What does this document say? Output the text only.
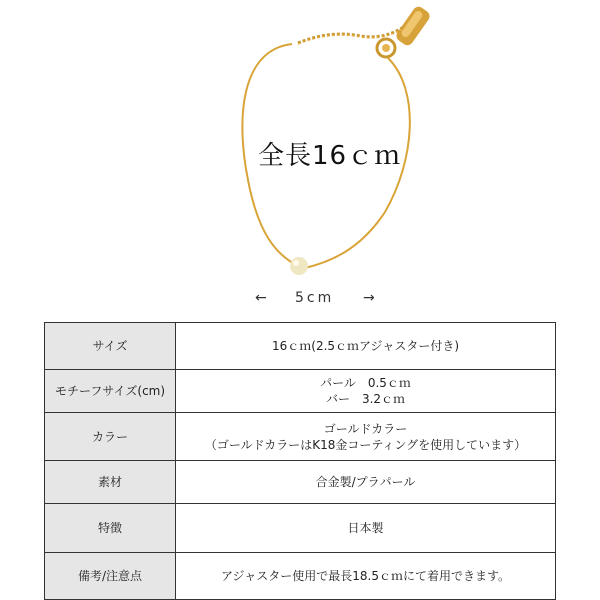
全長16ｃｍ
← 5cm →
サイズ	16ｃｍ(2.5ｃｍアジャスター付き)

モチーフサイズ(cm)	パール　0.5ｃｍ
バー　3.2ｃｍ

カラー	ゴールドカラー
（ゴールドカラーはK18金コーティングを使用しています）

素材	合金製/プラパール

特徴	日本製

備考/注意点	アジャスター使用で最長18.5ｃｍにて着用できます。
